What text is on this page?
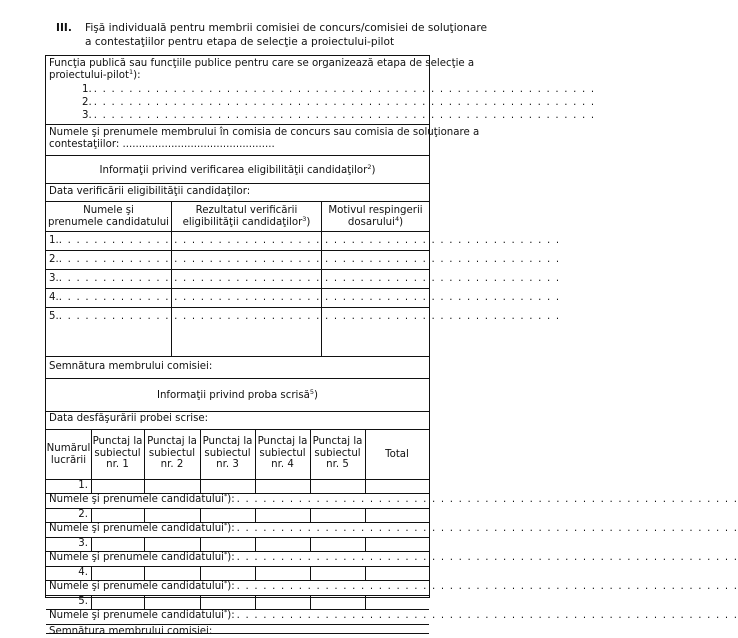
III. Fişă individuală pentru membrii comisiei de concurs/comisiei de soluţionare
a contestaţiilor pentru etapa de selecţie a proiectului-pilot
Funcţia publică sau funcţiile publice pentru care se organizează etapa de selecţie a
proiectului-pilot$^1$):
1. . . . . . . . . . . . . . . . . . . . . . . . . . . . . . . . . . . . . . . . . . . . . . . . . . . . . . . . . .
2. . . . . . . . . . . . . . . . . . . . . . . . . . . . . . . . . . . . . . . . . . . . . . . . . . . . . . . . . .
3. . . . . . . . . . . . . . . . . . . . . . . . . . . . . . . . . . . . . . . . . . . . . . . . . . . . . . . . . .
Numele şi prenumele membrului în comisia de concurs sau comisia de soluţionare a
contestaţiilor: ...............................................
Informaţii privind verificarea eligibilităţii candidaţilor$^2$)
Data verificării eligibilităţii candidaţilor:
Numele şi
prenumele candidatului
Rezultatul verificării
eligibilităţii candidaţilor$^3$)
Motivul respingerii
dosarului$^4$)
1.. . . . . . . . . . . . . . . . . . . . . . . . . . . . . . . . . . . . . . . . . . . . . . . . . . . . . . . . .
2.. . . . . . . . . . . . . . . . . . . . . . . . . . . . . . . . . . . . . . . . . . . . . . . . . . . . . . . . .
3.. . . . . . . . . . . . . . . . . . . . . . . . . . . . . . . . . . . . . . . . . . . . . . . . . . . . . . . . .
4.. . . . . . . . . . . . . . . . . . . . . . . . . . . . . . . . . . . . . . . . . . . . . . . . . . . . . . . . .
5.. . . . . . . . . . . . . . . . . . . . . . . . . . . . . . . . . . . . . . . . . . . . . . . . . . . . . . . . .
Semnătura membrului comisiei:
Informaţii privind proba scrisă$^5$)
Data desfăşurării probei scrise:
Numărul
lucrării
Punctaj la
subiectul
nr. 1
Punctaj la
subiectul
nr. 2
Punctaj la
subiectul
nr. 3
Punctaj la
subiectul
nr. 4
Punctaj la
subiectul
nr. 5
Total
1.
Numele şi prenumele candidatului*): . . . . . . . . . . . . . . . . . . . . . . . . . . . . . . . . . . . . . . . . . . . . . . . . . . . . . . . . .
2.
Numele şi prenumele candidatului*): . . . . . . . . . . . . . . . . . . . . . . . . . . . . . . . . . . . . . . . . . . . . . . . . . . . . . . . . .
3.
Numele şi prenumele candidatului*): . . . . . . . . . . . . . . . . . . . . . . . . . . . . . . . . . . . . . . . . . . . . . . . . . . . . . . . . .
4.
Numele şi prenumele candidatului*): . . . . . . . . . . . . . . . . . . . . . . . . . . . . . . . . . . . . . . . . . . . . . . . . . . . . . . . . .
5.
Numele şi prenumele candidatului*): . . . . . . . . . . . . . . . . . . . . . . . . . . . . . . . . . . . . . . . . . . . . . . . . . . . . . . . . .
Semnătura membrului comisiei:
